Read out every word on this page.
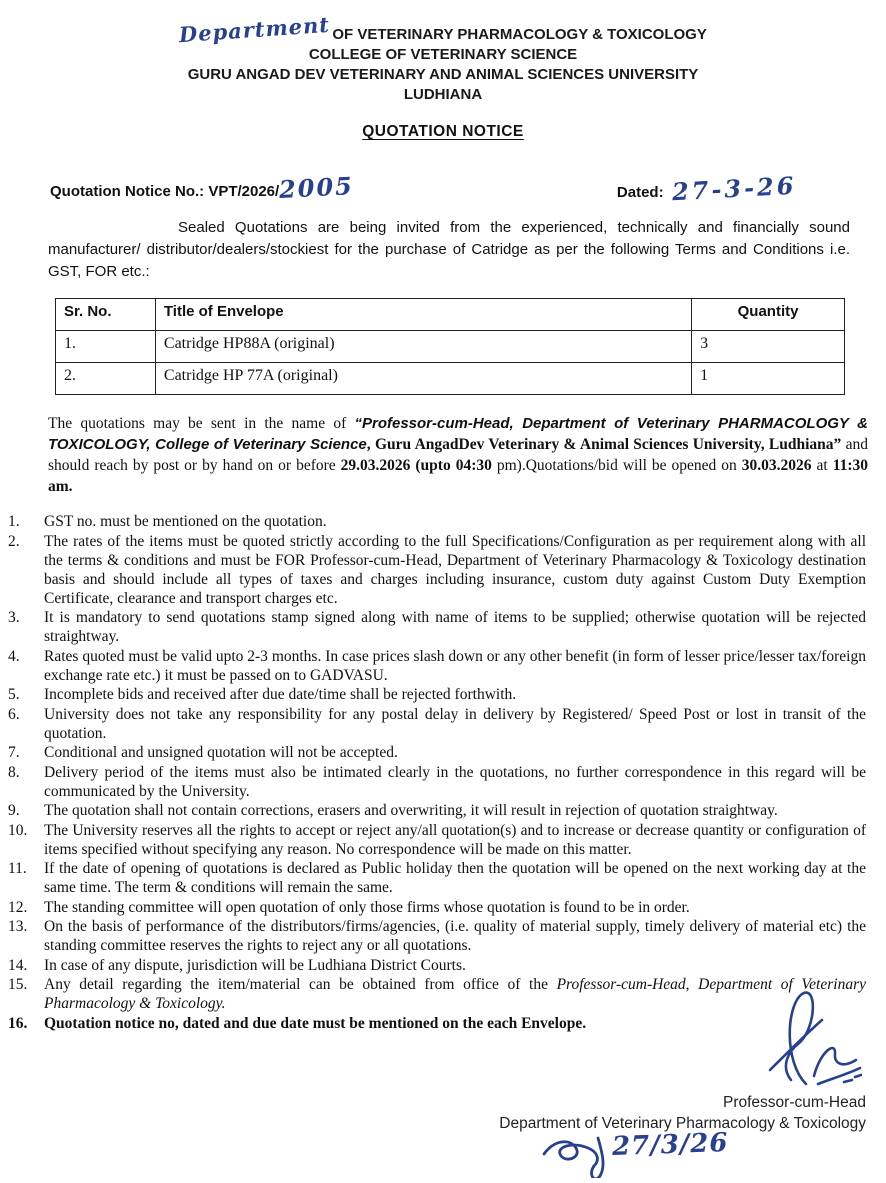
DepartmentOF VETERINARY PHARMACOLOGY & TOXICOLOGY
COLLEGE OF VETERINARY SCIENCE
GURU ANGAD DEV VETERINARY AND ANIMAL SCIENCES UNIVERSITY
LUDHIANA
QUOTATION NOTICE
Quotation Notice No.: VPT/2026/2005	Dated: 27-3-26

Sealed Quotations are being invited from the experienced, technically and financially sound manufacturer/ distributor/dealers/stockiest for the purchase of Catridge as per the following Terms and Conditions i.e. GST, FOR etc.:

Sr. No.	Title of Envelope	Quantity
1.	Catridge HP88A (original)	3
2.	Catridge HP 77A (original)	1

The quotations may be sent in the name of “Professor-cum-Head, Department of Veterinary PHARMACOLOGY & TOXICOLOGY, College of Veterinary Science, Guru AngadDev Veterinary & Animal Sciences University, Ludhiana” and should reach by post or by hand on or before 29.03.2026 (upto 04:30 pm).Quotations/bid will be opened on 30.03.2026 at 11:30 am.

1.	GST no. must be mentioned on the quotation.
2.	The rates of the items must be quoted strictly according to the full Specifications/Configuration as per requirement along with all the terms & conditions and must be FOR Professor-cum-Head, Department of Veterinary Pharmacology & Toxicology destination basis and should include all types of taxes and charges including insurance, custom duty against Custom Duty Exemption Certificate, clearance and transport charges etc.
3.	It is mandatory to send quotations stamp signed along with name of items to be supplied; otherwise quotation will be rejected straightway.
4.	Rates quoted must be valid upto 2-3 months. In case prices slash down or any other benefit (in form of lesser price/lesser tax/foreign exchange rate etc.) it must be passed on to GADVASU.
5.	Incomplete bids and received after due date/time shall be rejected forthwith.
6.	University does not take any responsibility for any postal delay in delivery by Registered/ Speed Post or lost in transit of the quotation.
7.	Conditional and unsigned quotation will not be accepted.
8.	Delivery period of the items must also be intimated clearly in the quotations, no further correspondence in this regard will be communicated by the University.
9.	The quotation shall not contain corrections, erasers and overwriting, it will result in rejection of quotation straightway.
10.	The University reserves all the rights to accept or reject any/all quotation(s) and to increase or decrease quantity or configuration of items specified without specifying any reason. No correspondence will be made on this matter.
11.	If the date of opening of quotations is declared as Public holiday then the quotation will be opened on the next working day at the same time. The term & conditions will remain the same.
12.	The standing committee will open quotation of only those firms whose quotation is found to be in order.
13.	On the basis of performance of the distributors/firms/agencies, (i.e. quality of material supply, timely delivery of material etc) the standing committee reserves the rights to reject any or all quotations.
14.	In case of any dispute, jurisdiction will be Ludhiana District Courts.
15.	Any detail regarding the item/material can be obtained from office of the Professor-cum-Head, Department of Veterinary Pharmacology & Toxicology.
16.	Quotation notice no, dated and due date must be mentioned on the each Envelope.
Professor-cum-Head
Department of Veterinary Pharmacology & Toxicology
27/3/26
